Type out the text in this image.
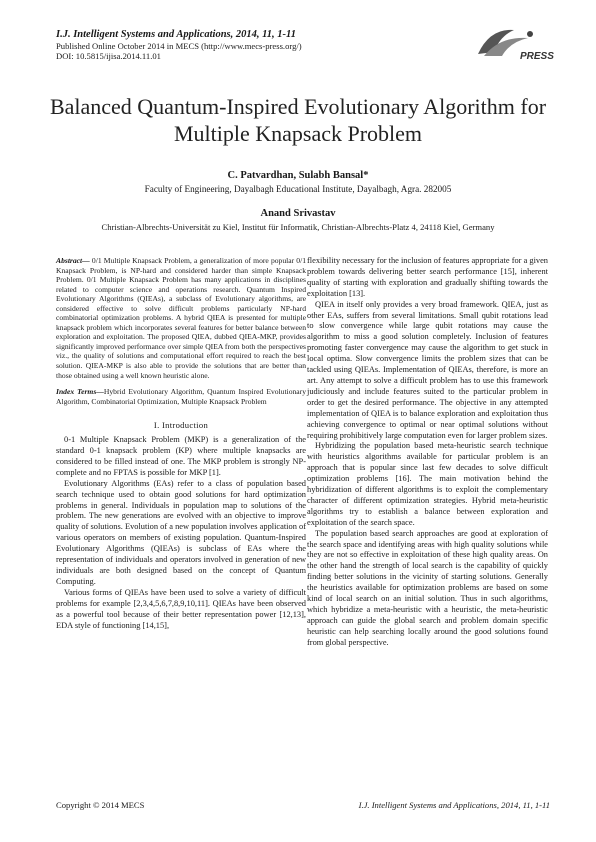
I.J. Intelligent Systems and Applications, 2014, 11, 1-11
Published Online October 2014 in MECS (http://www.mecs-press.org/)
DOI: 10.5815/ijisa.2014.11.01	PRESS
Balanced Quantum-Inspired Evolutionary Algorithm for Multiple Knapsack Problem
C. Patvardhan, Sulabh Bansal*
Faculty of Engineering, Dayalbagh Educational Institute, Dayalbagh, Agra. 282005
Anand Srivastav
Christian-Albrechts-Universität zu Kiel, Institut für Informatik, Christian-Albrechts-Platz 4, 24118 Kiel, Germany

Abstract— 0/1 Multiple Knapsack Problem, a generalization of more popular 0/1 Knapsack Problem, is NP-hard and considered harder than simple Knapsack Problem. 0/1 Multiple Knapsack Problem has many applications in disciplines related to computer science and operations research. Quantum Inspired Evolutionary Algorithms (QIEAs), a subclass of Evolutionary algorithms, are considered effective to solve difficult problems particularly NP-hard combinatorial optimization problems. A hybrid QIEA is presented for multiple knapsack problem which incorporates several features for better balance between exploration and exploitation. The proposed QIEA, dubbed QIEA-MKP, provides significantly improved performance over simple QIEA from both the perspectives viz., the quality of solutions and computational effort required to reach the best solution. QIEA-MKP is also able to provide the solutions that are better than those obtained using a well known heuristic alone.

Index Terms—Hybrid Evolutionary Algorithm, Quantum Inspired Evolutionary Algorithm, Combinatorial Optimization, Multiple Knapsack Problem

I. Introduction

0-1 Multiple Knapsack Problem (MKP) is a generalization of the standard 0-1 knapsack problem (KP) where multiple knapsacks are considered to be filled instead of one. The MKP problem is strongly NP-complete and no FPTAS is possible for MKP [1].

Evolutionary Algorithms (EAs) refer to a class of population based search technique used to obtain good solutions for hard optimization problems in general. Individuals in population map to solutions of the problem. The new generations are evolved with an objective to improve quality of solutions. Evolution of a new population involves application of various operators on members of existing population. Quantum-Inspired Evolutionary Algorithms (QIEAs) is subclass of EAs where the representation of individuals and operators involved in generation of new individuals are both designed based on the concept of Quantum Computing.

Various forms of QIEAs have been used to solve a variety of difficult problems for example [2,3,4,5,6,7,8,9,10,11]. QIEAs have been observed as a powerful tool because of their better representation power [12,13], EDA style of functioning [14,15],

flexibility necessary for the inclusion of features appropriate for a given problem towards delivering better search performance [15], inherent quality of starting with exploration and gradually shifting towards the exploitation [13].

QIEA in itself only provides a very broad framework. QIEA, just as other EAs, suffers from several limitations. Small qubit rotations lead to slow convergence while large qubit rotations may cause the algorithm to miss a good solution completely. Inclusion of features promoting faster convergence may cause the algorithm to get stuck in local optima. Slow convergence limits the problem sizes that can be tackled using QIEAs. Implementation of QIEAs, therefore, is more an art. Any attempt to solve a difficult problem has to use this framework judiciously and include features suited to the particular problem in order to get the desired performance. The objective in any attempted implementation of QIEA is to balance exploration and exploitation thus achieving convergence to optimal or near optimal solutions without requiring prohibitively large computation even for larger problem sizes.

Hybridizing the population based meta-heuristic search technique with heuristics algorithms available for particular problem is an approach that is popular since last few decades to solve difficult optimization problems [16]. The main motivation behind the hybridization of different algorithms is to exploit the complementary character of different optimization strategies. Hybrid meta-heuristic algorithms try to establish a balance between exploration and exploitation of the search space.

The population based search approaches are good at exploration of the search space and identifying areas with high quality solutions while they are not so effective in exploitation of these high quality areas. On the other hand the strength of local search is the capability of quickly finding better solutions in the vicinity of starting solutions. Generally the heuristics available for optimization problems are based on some kind of local search on an initial solution. Thus in such algorithms, which hybridize a meta-heuristic with a heuristic, the meta-heuristic approach can guide the global search and problem domain specific heuristic can help searching locally around the good solutions found from global perspective.

Copyright © 2014 MECS	I.J. Intelligent Systems and Applications, 2014, 11, 1-11
